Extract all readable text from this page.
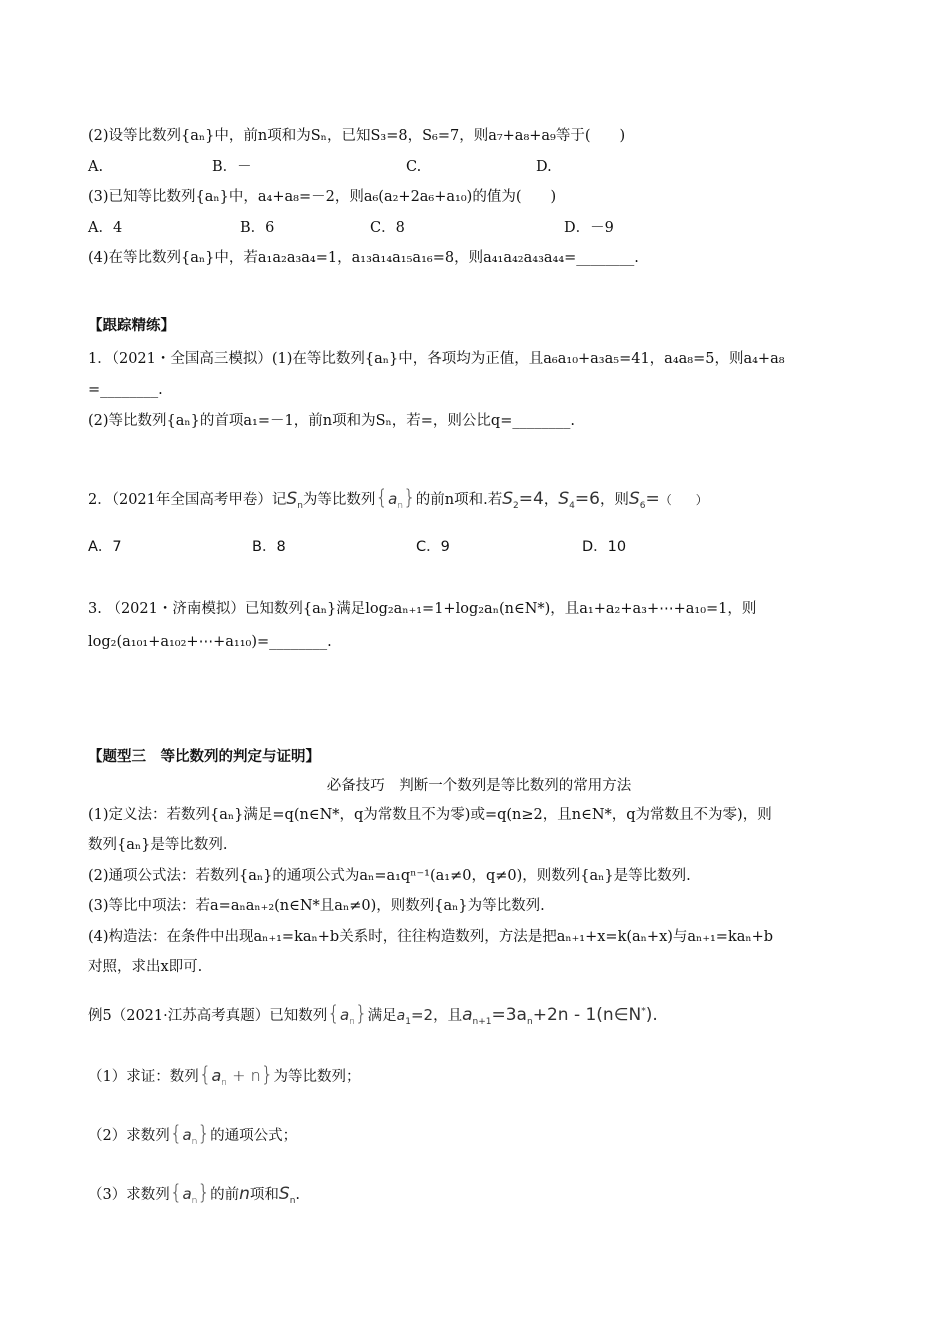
(2)设等比数列{aₙ}中，前n项和为Sₙ，已知S₃=8，S₆=7，则a₇+a₈+a₉等于(　　)
A.	B．－	C.	D.
(3)已知等比数列{aₙ}中，a₄+a₈=－2，则a₆(a₂+2a₆+a₁₀)的值为(　　)
A．4	B．6	C．8	D．－9
(4)在等比数列{aₙ}中，若a₁a₂a₃a₄=1，a₁₃a₁₄a₁₅a₁₆=8，则a₄₁a₄₂a₄₃a₄₄=________.
【跟踪精练】
1．（2021・全国高三模拟）(1)在等比数列{aₙ}中，各项均为正值，且a₆a₁₀+a₃a₅=41，a₄a₈=5，则a₄+a₈
=________.
(2)等比数列{aₙ}的首项a₁=－1，前n项和为Sₙ，若=，则公比q=________.
2．（2021年全国高考甲卷）记$S_n$为等比数列$\{a_n\}$的前n项和.若$S_2=4$，$S_4=6$，则$S_6=$（　　）
A．7	B．8	C．9	D．10
3. （2021・济南模拟）已知数列{aₙ}满足log₂aₙ₊₁=1+log₂aₙ(n∈N*)，且a₁+a₂+a₃+⋯+a₁₀=1，则
log₂(a₁₀₁+a₁₀₂+⋯+a₁₁₀)=________.
【题型三　等比数列的判定与证明】
必备技巧　判断一个数列是等比数列的常用方法
(1)定义法：若数列{aₙ}满足=q(n∈N*，q为常数且不为零)或=q(n≥2，且n∈N*，q为常数且不为零)，则
数列{aₙ}是等比数列.
(2)通项公式法：若数列{aₙ}的通项公式为aₙ=a₁qⁿ⁻¹(a₁≠0，q≠0)，则数列{aₙ}是等比数列.
(3)等比中项法：若a=aₙaₙ₊₂(n∈N*且aₙ≠0)，则数列{aₙ}为等比数列.
(4)构造法：在条件中出现aₙ₊₁=kaₙ+b关系时，往往构造数列，方法是把aₙ₊₁+x=k(aₙ+x)与aₙ₊₁=kaₙ+b
对照，求出x即可.
例5（2021·江苏高考真题）已知数列$\{a_n\}$满足$a_1=2$，且$a_{n+1}=3a_n+2n$ - 1(n∈N*).
（1）求证：数列$\{a_n + n\}$为等比数列；
（2）求数列$\{a_n\}$的通项公式；
（3）求数列$\{a_n\}$的前n项和$S_n$.
